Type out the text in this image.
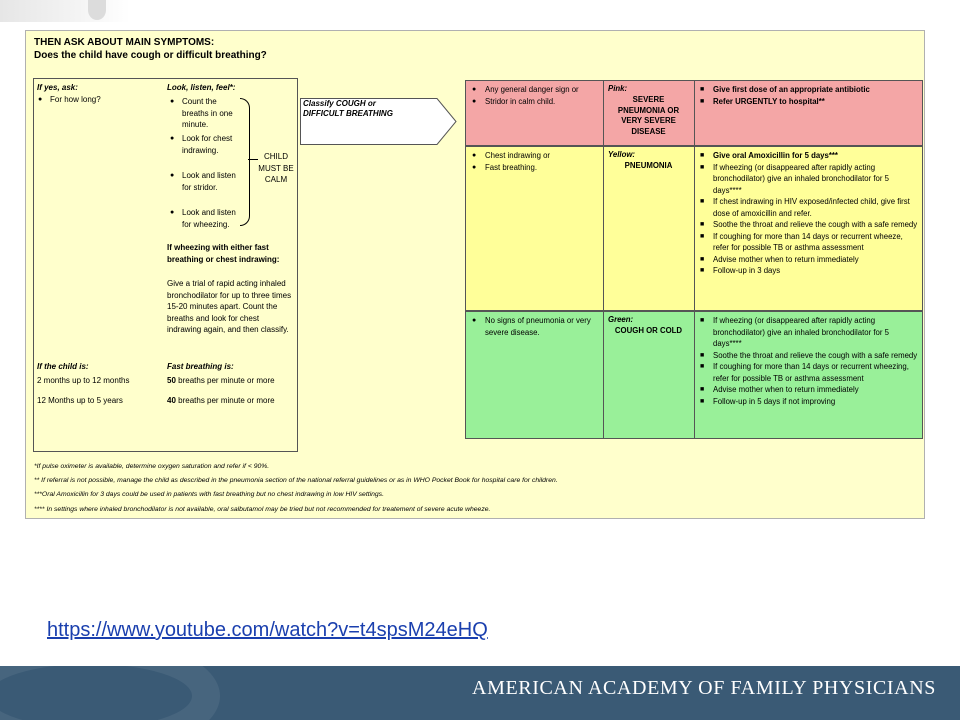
THEN ASK ABOUT MAIN SYMPTOMS:
Does the child have cough or difficult breathing?
If yes, ask:
● For how long?
Look, listen, feel*:
● Count the breaths in one minute.
● Look for chest indrawing.
● Look and listen for stridor.
● Look and listen for wheezing.
CHILD MUST BE CALM
If wheezing with either fast breathing or chest indrawing:
Give a trial of rapid acting inhaled bronchodilator for up to three times 15-20 minutes apart. Count the breaths and look for chest indrawing again, and then classify.
If the child is:	Fast breathing is:
2 months up to 12 months	50 breaths per minute or more
12 Months up to 5 years	40 breaths per minute or more
Classify COUGH or DIFFICULT BREATHING
● Any general danger sign or
● Stridor in calm child.
Pink:
SEVERE PNEUMONIA OR VERY SEVERE DISEASE
■ Give first dose of an appropriate antibiotic
■ Refer URGENTLY to hospital**
● Chest indrawing or
● Fast breathing.
Yellow:
PNEUMONIA
■ Give oral Amoxicillin for 5 days***
■ If wheezing (or disappeared after rapidly acting bronchodilator) give an inhaled bronchodilator for 5 days****
■ If chest indrawing in HIV exposed/infected child, give first dose of amoxicillin and refer.
■ Soothe the throat and relieve the cough with a safe remedy
■ If coughing for more than 14 days or recurrent wheeze, refer for possible TB or asthma assessment
■ Advise mother when to return immediately
■ Follow-up in 3 days
● No signs of pneumonia or very severe disease.
Green:
COUGH OR COLD
■ If wheezing (or disappeared after rapidly acting bronchodilator) give an inhaled bronchodilator for 5 days****
■ Soothe the throat and relieve the cough with a safe remedy
■ If coughing for more than 14 days or recurrent wheezing, refer for possible TB or asthma assessment
■ Advise mother when to return immediately
■ Follow-up in 5 days if not improving
*If pulse oximeter is available, determine oxygen saturation and refer if < 90%.
** If referral is not possible, manage the child as described in the pneumonia section of the national referral guidelines or as in WHO Pocket Book for hospital care for children.
***Oral Amoxicillin for 3 days could be used in patients with fast breathing but no chest indrawing in low HIV settings.
**** In settings where inhaled bronchodilator is not available, oral salbutamol may be tried but not recommended for treatement of severe acute wheeze.
https://www.youtube.com/watch?v=t4spsM24eHQ
AMERICAN ACADEMY OF FAMILY PHYSICIANS
